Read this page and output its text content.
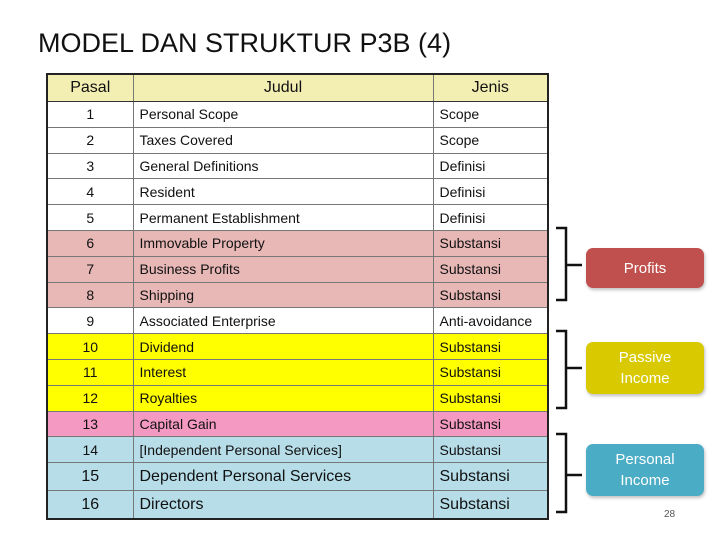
MODEL DAN STRUKTUR P3B (4)
Pasal	Judul	Jenis
1	Personal Scope	Scope
2	Taxes Covered	Scope
3	General Definitions	Definisi
4	Resident	Definisi
5	Permanent Establishment	Definisi
6	Immovable Property	Substansi
7	Business Profits	Substansi
8	Shipping	Substansi
9	Associated Enterprise	Anti-avoidance
10	Dividend	Substansi
11	Interest	Substansi
12	Royalties	Substansi
13	Capital Gain	Substansi
14	[Independent Personal Services]	Substansi
15	Dependent Personal Services	Substansi
16	Directors	Substansi
Profits
Passive
Income
Personal
Income
28
